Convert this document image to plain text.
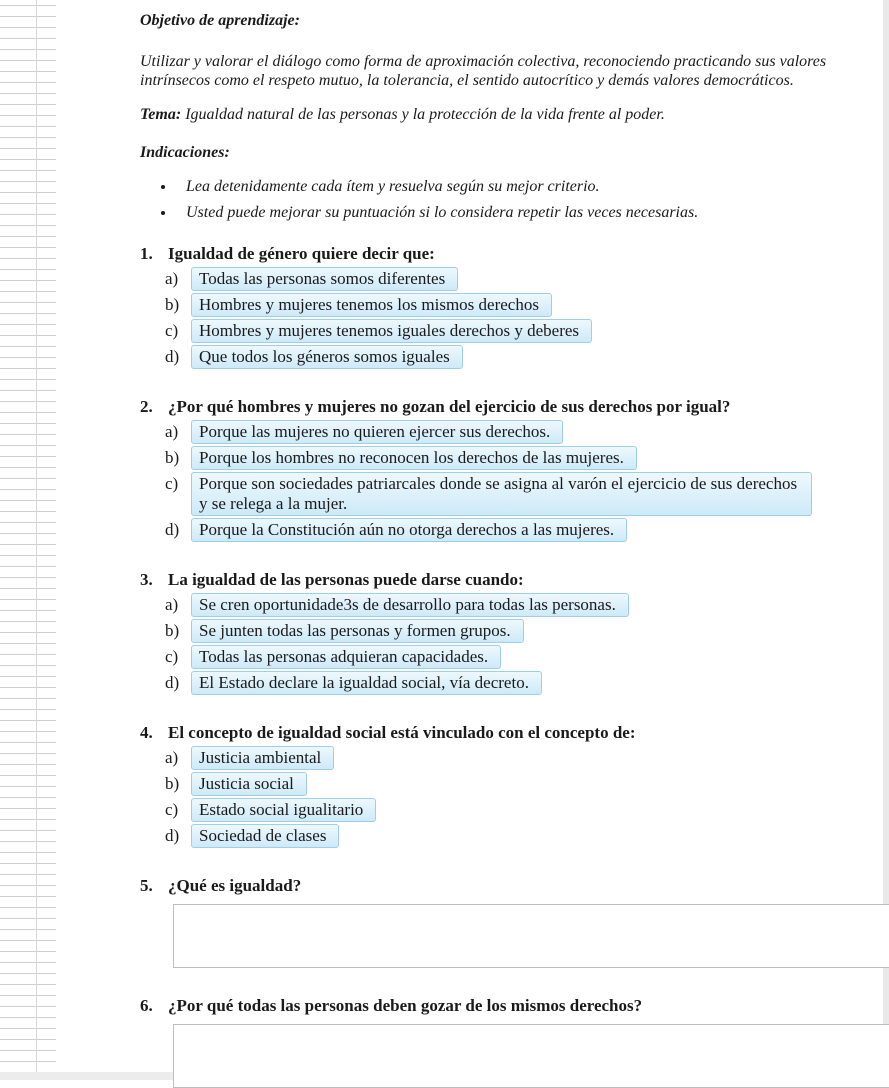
Objetivo de aprendizaje:
Utilizar y valorar el diálogo como forma de aproximación colectiva, reconociendo practicando sus valores intrínsecos como el respeto mutuo, la tolerancia, el sentido autocrítico y demás valores democráticos.
Tema: Igualdad natural de las personas y la protección de la vida frente al poder.
Indicaciones:
• Lea detenidamente cada ítem y resuelva según su mejor criterio.
• Usted puede mejorar su puntuación si lo considera repetir las veces necesarias.
1. Igualdad de género quiere decir que:
a)	Todas las personas somos diferentes
b)	Hombres y mujeres tenemos los mismos derechos
c)	Hombres y mujeres tenemos iguales derechos y deberes
d)	Que todos los géneros somos iguales
2. ¿Por qué hombres y mujeres no gozan del ejercicio de sus derechos por igual?
a)	Porque las mujeres no quieren ejercer sus derechos.
b)	Porque los hombres no reconocen los derechos de las mujeres.
c)	Porque son sociedades patriarcales donde se asigna al varón el ejercicio de sus derechos y se relega a la mujer.
d)	Porque la Constitución aún no otorga derechos a las mujeres.
3. La igualdad de las personas puede darse cuando:
a)	Se cren oportunidade3s de desarrollo para todas las personas.
b)	Se junten todas las personas y formen grupos.
c)	Todas las personas adquieran capacidades.
d)	El Estado declare la igualdad social, vía decreto.
4. El concepto de igualdad social está vinculado con el concepto de:
a)	Justicia ambiental
b)	Justicia social
c)	Estado social igualitario
d)	Sociedad de clases
5. ¿Qué es igualdad?
6. ¿Por qué todas las personas deben gozar de los mismos derechos?
